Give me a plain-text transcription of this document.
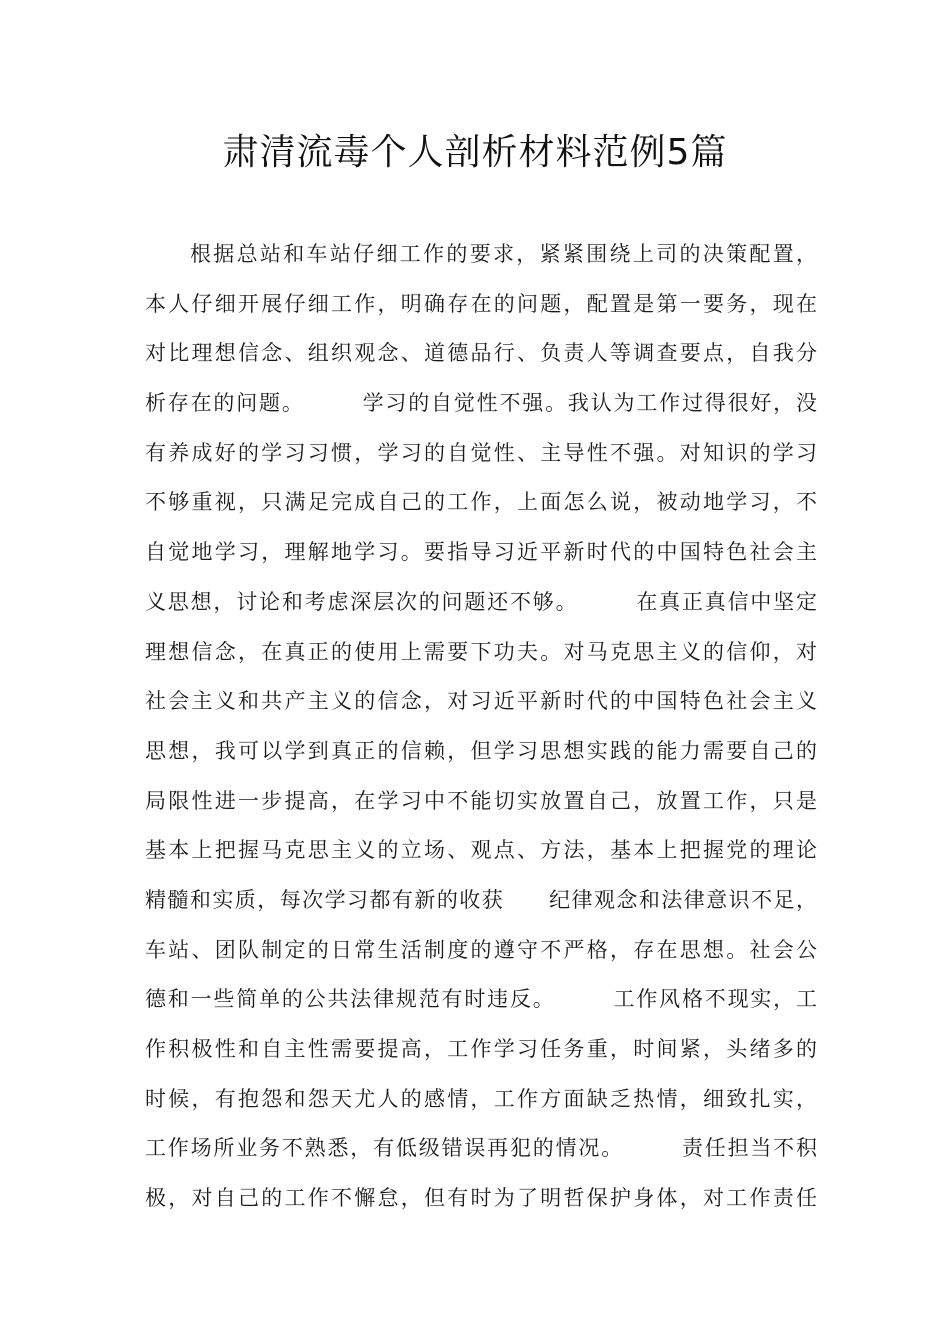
肃清流毒个人剖析材料范例5篇
根据总站和车站仔细工作的要求，紧紧围绕上司的决策配置，
本人仔细开展仔细工作，明确存在的问题，配置是第一要务，现在
对比理想信念、组织观念、道德品行、负责人等调查要点，自我分
析存在的问题。　　　学习的自觉性不强。我认为工作过得很好，没
有养成好的学习习惯，学习的自觉性、主导性不强。对知识的学习
不够重视，只满足完成自己的工作，上面怎么说，被动地学习，不
自觉地学习，理解地学习。要指导习近平新时代的中国特色社会主
义思想，讨论和考虑深层次的问题还不够。　　　在真正真信中坚定
理想信念，在真正的使用上需要下功夫。对马克思主义的信仰，对
社会主义和共产主义的信念，对习近平新时代的中国特色社会主义
思想，我可以学到真正的信赖，但学习思想实践的能力需要自己的
局限性进一步提高，在学习中不能切实放置自己，放置工作，只是
基本上把握马克思主义的立场、观点、方法，基本上把握党的理论
精髓和实质，每次学习都有新的收获　　纪律观念和法律意识不足，
车站、团队制定的日常生活制度的遵守不严格，存在思想。社会公
德和一些简单的公共法律规范有时违反。　　　工作风格不现实，工
作积极性和自主性需要提高，工作学习任务重，时间紧，头绪多的
时候，有抱怨和怨天尤人的感情，工作方面缺乏热情，细致扎实，
工作场所业务不熟悉，有低级错误再犯的情况。　　　责任担当不积
极，对自己的工作不懈怠，但有时为了明哲保护身体，对工作责任
